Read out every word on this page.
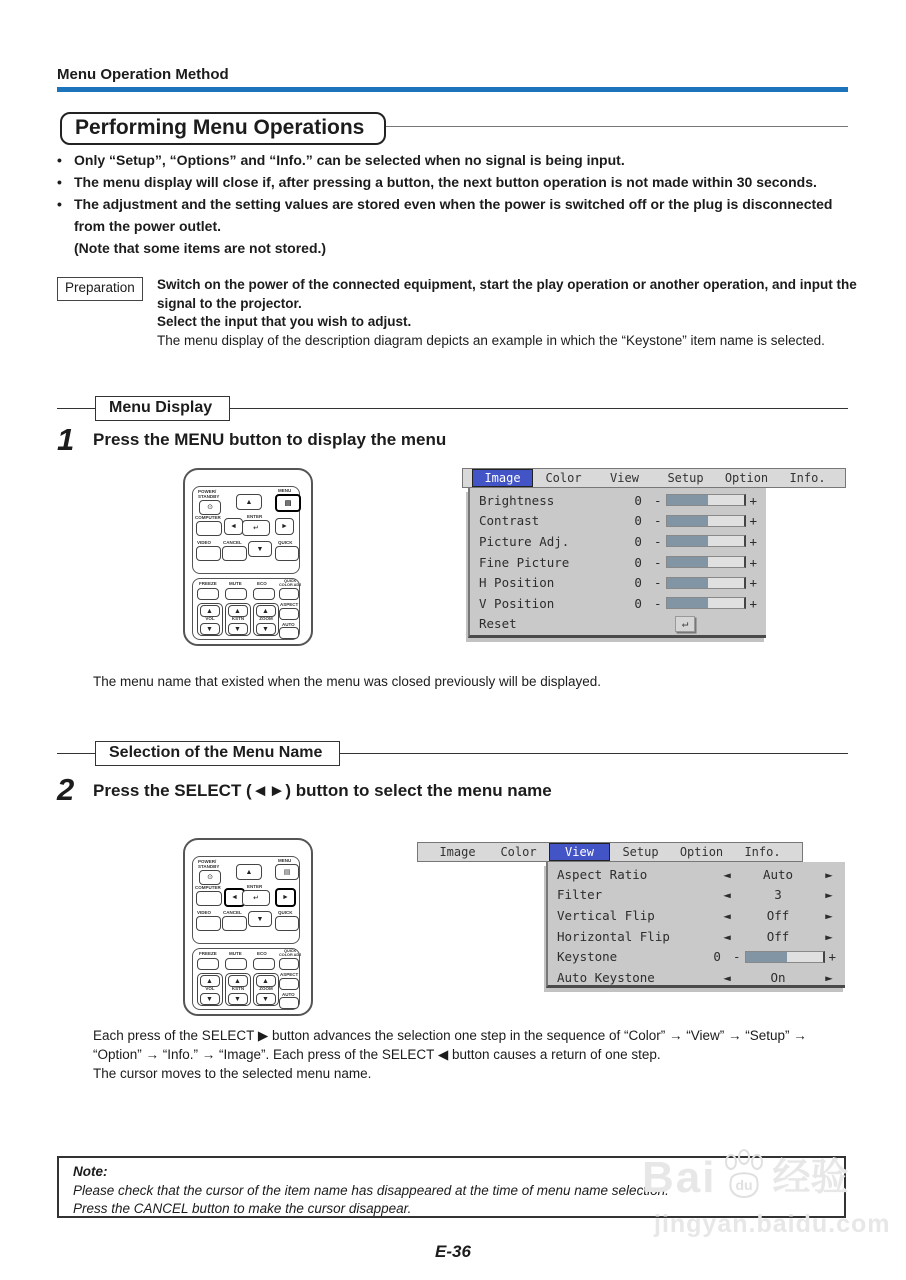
Menu Operation Method
Performing Menu Operations
• Only “Setup”, “Options” and “Info.” can be selected when no signal is being input.
• The menu display will close if, after pressing a button, the next button operation is not made within 30 seconds.
• The adjustment and the setting values are stored even when the power is switched off or the plug is disconnected from the power outlet.
(Note that some items are not stored.)
Preparation	Switch on the power of the connected equipment, start the play operation or another operation, and input the signal to the projector.
Select the input that you wish to adjust.
The menu display of the description diagram depicts an example in which the “Keystone” item name is selected.
Menu Display
1 Press the MENU button to display the menu
POWER/
STANDBY
⊙
▲
MENU
▤
COMPUTER
◄
ENTER
↵	►
VIDEO	CANCEL
▼
QUICK
FREEZE	MUTE	ECO	QUICK
COLOR ADJ
ASPECT
▲
VOL
▼
▲
KSTN
▼
▲
ZOOM
▼
AUTO
Image	Color	View	Setup	Option	Info.
Brightness	0 -	+
Contrast	0 -	+
Picture Adj.	0 -	+
Fine Picture	0 -	+
H Position	0 -	+
V Position	0 -	+
Reset	↵
The menu name that existed when the menu was closed previously will be displayed.
Selection of the Menu Name
2 Press the SELECT (◄►) button to select the menu name
POWER/
STANDBY
⊙
▲
MENU
▤
COMPUTER
◄
ENTER
↵	►
VIDEO	CANCEL
▼
QUICK
FREEZE	MUTE	ECO	QUICK
COLOR ADJ
ASPECT
▲
VOL
▼
▲
KSTN
▼
▲
ZOOM
▼
AUTO
Image	Color	View	Setup	Option	Info.
Aspect Ratio	◄	Auto	►
Filter	◄	3	►
Vertical Flip	◄	Off	►
Horizontal Flip	◄	Off	►
Keystone	0 -	+
Auto Keystone	◄	On	►
Each press of the SELECT ▶ button advances the selection one step in the sequence of “Color” → “View” → “Setup” →
“Option” → “Info.” → “Image”. Each press of the SELECT ◀ button causes a return of one step.
The cursor moves to the selected menu name.
Note:
Please check that the cursor of the item name has disappeared at the time of menu name selection.
Press the CANCEL button to make the cursor disappear.
Bai du 经验
jingyan.baidu.com
E-36
